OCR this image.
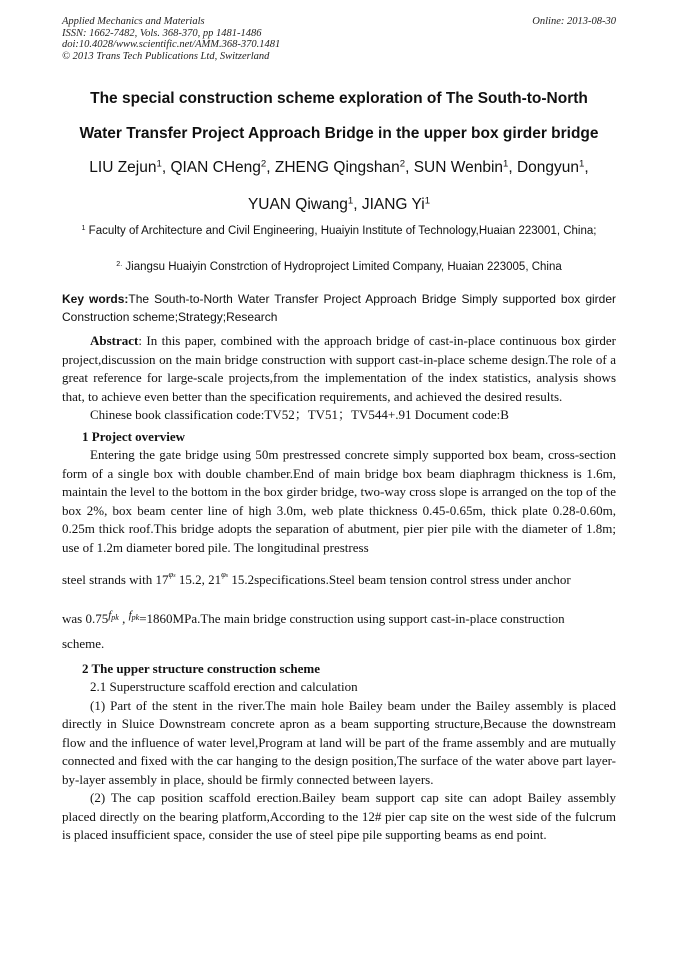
Applied Mechanics and Materials
ISSN: 1662-7482, Vols. 368-370, pp 1481-1486
doi:10.4028/www.scientific.net/AMM.368-370.1481
© 2013 Trans Tech Publications Ltd, Switzerland
Online: 2013-08-30
The special construction scheme exploration of The South-to-North
Water Transfer Project Approach Bridge in the upper box girder bridge
LIU Zejun$^1$, QIAN CHeng$^2$, ZHENG Qingshan$^2$, SUN Wenbin$^1$, Dongyun$^1$,
YUAN Qiwang$^1$, JIANG Yi$^1$
$^1$ Faculty of Architecture and Civil Engineering, Huaiyin Institute of Technology,Huaian 223001, China;
$^{2.}$ Jiangsu Huaiyin Constrction of Hydroproject Limited Company, Huaian 223005, China
Key words:The South-to-North Water Transfer Project Approach Bridge Simply supported box girder Construction scheme;Strategy;Research
Abstract: In this paper, combined with the approach bridge of cast-in-place continuous box girder project,discussion on the main bridge construction with support cast-in-place scheme design.The role of a great reference for large-scale projects,from the implementation of the index statistics, analysis shows that, to achieve even better than the specification requirements, and achieved the desired results.
Chinese book classification code:TV52；TV51；TV544+.91 Document code:B
1 Project overview
Entering the gate bridge using 50m prestressed concrete simply supported box beam, cross-section form of a single box with double chamber.End of main bridge box beam diaphragm thickness is 1.6m, maintain the level to the bottom in the box girder bridge, two-way cross slope is arranged on the top of the box 2%, box beam center line of high 3.0m, web plate thickness 0.45-0.65m, thick plate 0.28-0.60m, 0.25m thick roof.This bridge adopts the separation of abutment, pier pier pile with the diameter of 1.8m; use of 1.2m diameter bored pile. The longitudinal prestress
steel strands with $17^{\varphi s}$ 15.2, $21^{\varphi s}$ 15.2specifications.Steel beam tension control stress under anchor
was $0.75^{fpk}$ , $^{fpk}$=1860MPa.The main bridge construction using support cast-in-place construction
scheme.
2 The upper structure construction scheme
2.1 Superstructure scaffold erection and calculation
(1) Part of the stent in the river.The main hole Bailey beam under the Bailey assembly is placed directly in Sluice Downstream concrete apron as a beam supporting structure,Because the downstream flow and the influence of water level,Program at land will be part of the frame assembly and are mutually connected and fixed with the car hanging to the design position,The surface of the water above part layer-by-layer assembly in place, should be firmly connected between layers.
(2) The cap position scaffold erection.Bailey beam support cap site can adopt Bailey assembly placed directly on the bearing platform,According to the 12# pier cap site on the west side of the fulcrum is placed insufficient space, consider the use of steel pipe pile supporting beams as end point.
